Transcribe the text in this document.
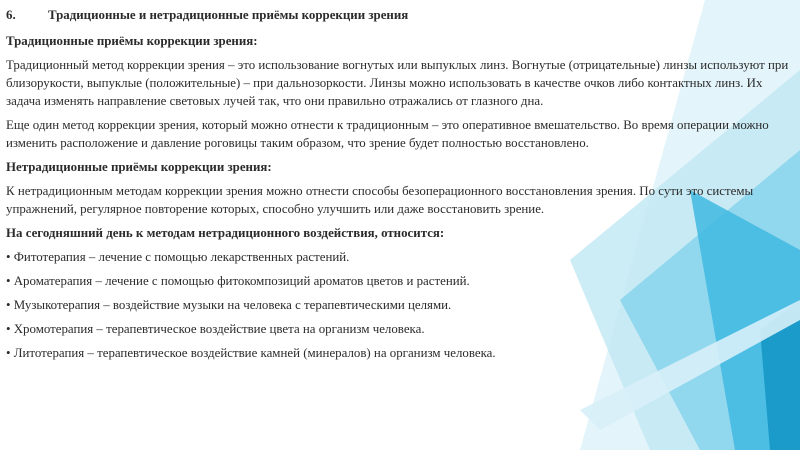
6.	Традиционные и нетрадиционные приёмы коррекции зрения

Традиционные приёмы коррекции зрения:

Традиционный метод коррекции зрения – это использование вогнутых или выпуклых линз. Вогнутые (отрицательные) линзы используют при близорукости, выпуклые (положительные) – при дальнозоркости. Линзы можно использовать в качестве очков либо контактных линз. Их задача изменять направление световых лучей так, что они правильно отражались от глазного дна.

Еще один метод коррекции зрения, который можно отнести к традиционным – это оперативное вмешательство. Во время операции можно изменить расположение и давление роговицы таким образом, что зрение будет полностью восстановлено.

Нетрадиционные приёмы коррекции зрения:

К нетрадиционным методам коррекции зрения можно отнести способы безоперационного восстановления зрения. По сути это системы упражнений, регулярное повторение которых, способно улучшить или даже восстановить зрение.

На сегодняшний день к методам нетрадиционного воздействия, относится:

• Фитотерапия – лечение с помощью лекарственных растений.
• Ароматерапия – лечение с помощью фитокомпозиций ароматов цветов и растений.
• Музыкотерапия – воздействие музыки на человека с терапевтическими целями.
• Хромотерапия – терапевтическое воздействие цвета на организм человека.
• Литотерапия – терапевтическое воздействие камней (минералов) на организм человека.
